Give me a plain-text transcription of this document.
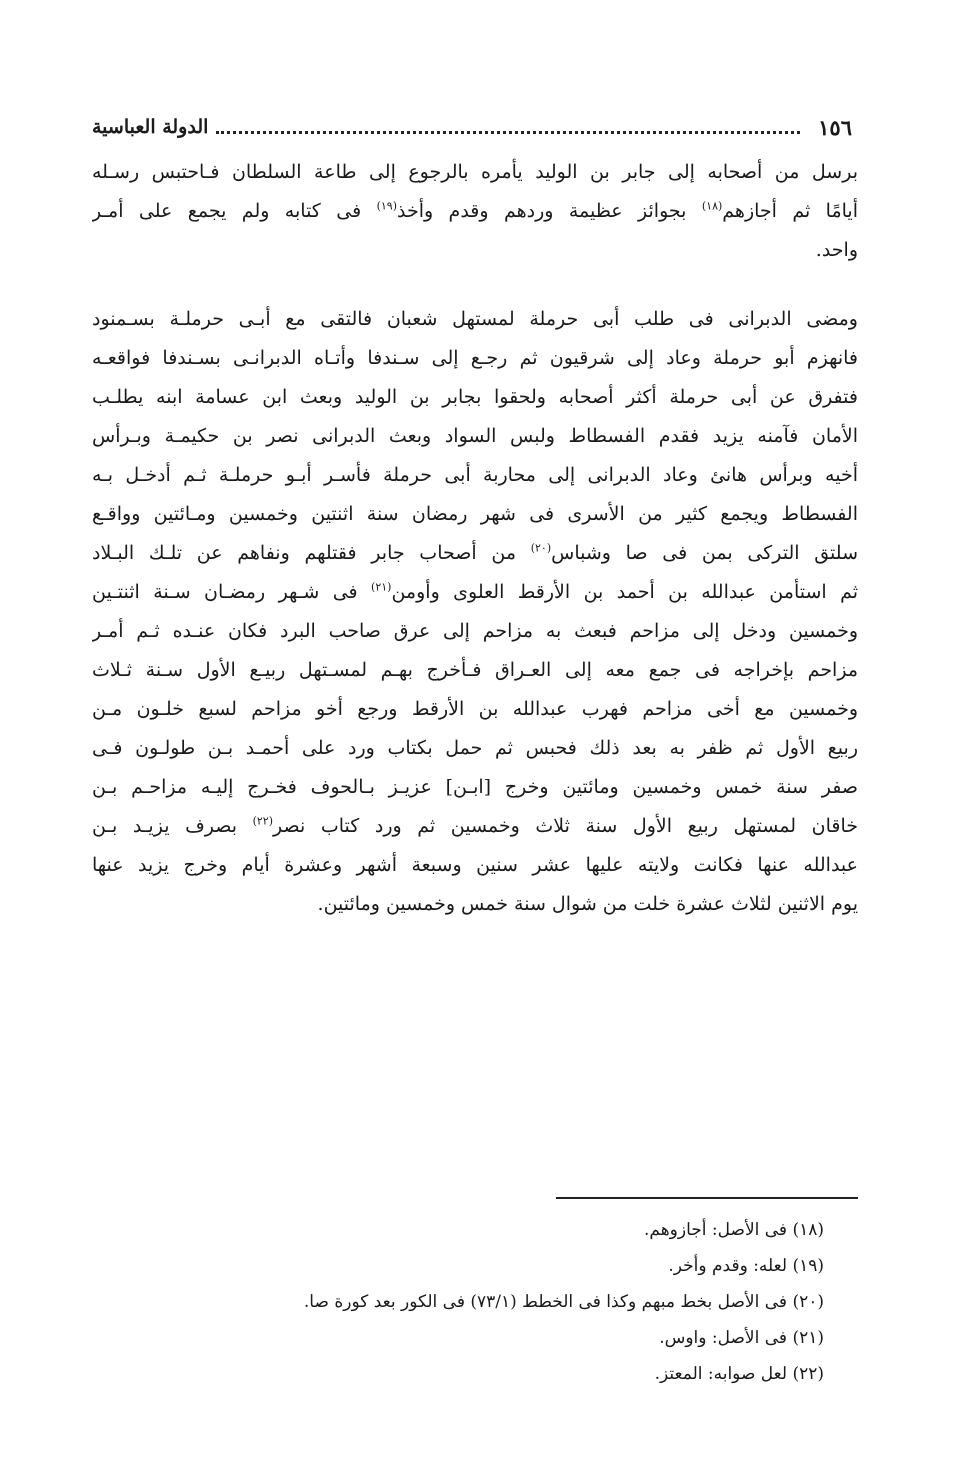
١٥٦
الدولة العباسية
برسل من أصحابه إلى جابر بن الوليد يأمره بالرجوع إلى طاعة السلطان فـاحتبس رسـله
أيامًا ثم أجازهم$^{(١٨)}$ بجوائز عظيمة وردهم وقدم وأخذ$^{(١٩)}$ فى كتابه ولم يجمع على أمـر
واحد.
ومضى الدبرانى فى طلب أبى حرملة لمستهل شعبان فالتقى مع أبـى حرملـة بسـمنود
فانهزم أبو حرملة وعاد إلى شرقيون ثم رجـع إلى سـندفا وأتـاه الدبرانـى بسـندفا فواقعـه
فتفرق عن أبى حرملة أكثر أصحابه ولحقوا بجابر بن الوليد وبعث ابن عسامة ابنه يطلـب
الأمان فآمنه يزيد فقدم الفسطاط ولبس السواد وبعث الدبرانى نصر بن حكيمـة وبـرأس
أخيه وبرأس هانئ وعاد الدبرانى إلى محاربة أبى حرملة فأسـر أبـو حرملـة ثـم أدخـل بـه
الفسطاط ويجمع كثير من الأسرى فى شهر رمضان سنة اثنتين وخمسين ومـائتين وواقـع
سلتق التركى بمن فى صا وشباس$^{(٢٠)}$ من أصحاب جابر فقتلهم ونفاهم عن تلـك البـلاد
ثم استأمن عبدالله بن أحمد بن الأرقط العلوى وأومن$^{(٢١)}$ فى شـهر رمضـان سـنة اثنتـين
وخمسين ودخل إلى مزاحم فبعث به مزاحم إلى عرق صاحب البرد فكان عنـده ثـم أمـر
مزاحم بإخراجه فى جمع معه إلى العـراق فـأخرج بهـم لمسـتهل ربيـع الأول سـنة ثـلاث
وخمسين مع أخى مزاحم فهرب عبدالله بن الأرقط ورجع أخو مزاحم لسبع خلـون مـن
ربيع الأول ثم ظفر به بعد ذلك فحبس ثم حمل بكتاب ورد على أحمـد بـن طولـون فـى
صفر سنة خمس وخمسين ومائتين وخرج [ابـن] عزيـز بـالحوف فخـرج إليـه مزاحـم بـن
خاقان لمستهل ربيع الأول سنة ثلاث وخمسين ثم ورد كتاب نصر$^{(٢٢)}$ بصرف يزيـد بـن
عبدالله عنها فكانت ولايته عليها عشر سنين وسبعة أشهر وعشرة أيام وخرج يزيد عنها
يوم الاثنين لثلاث عشرة خلت من شوال سنة خمس وخمسين ومائتين.
(١٨) فى الأصل: أجازوهم.
(١٩) لعله: وقدم وأخر.
(٢٠) فى الأصل بخط مبهم وكذا فى الخطط (٧٣/١) فى الكور بعد كورة صا.
(٢١) فى الأصل: واوس.
(٢٢) لعل صوابه: المعتز.
